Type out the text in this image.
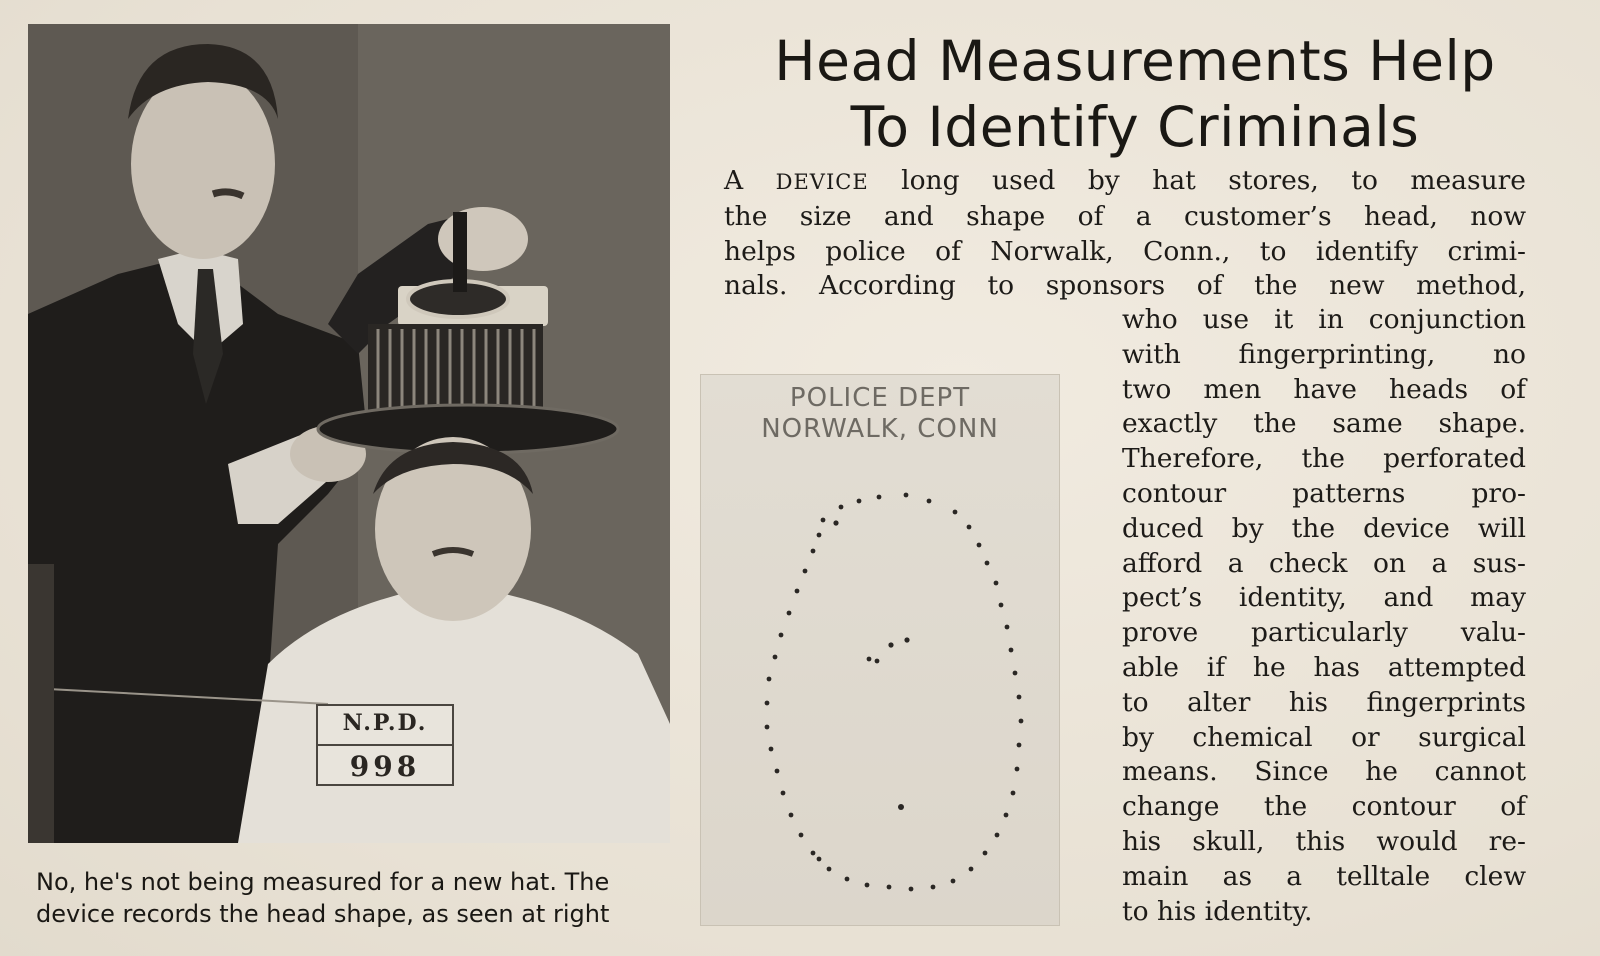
N.P.D.
998
No, he's not being measured for a new hat. The
device records the head shape, as seen at right
Head Measurements Help
To Identify Criminals
A DEVICE long used by hat stores, to measure
the size and shape of a customer’s head, now
helps police of Norwalk, Conn., to identify crimi-
nals. According to sponsors of the new method,
POLICE DEPT
NORWALK, CONN
who use it in conjunction
with fingerprinting, no
two men have heads of
exactly the same shape.
Therefore, the perforated
contour patterns pro-
duced by the device will
afford a check on a sus-
pect’s identity, and may
prove particularly valu-
able if he has attempted
to alter his fingerprints
by chemical or surgical
means. Since he cannot
change the contour of
his skull, this would re-
main as a telltale clew
to his identity.
